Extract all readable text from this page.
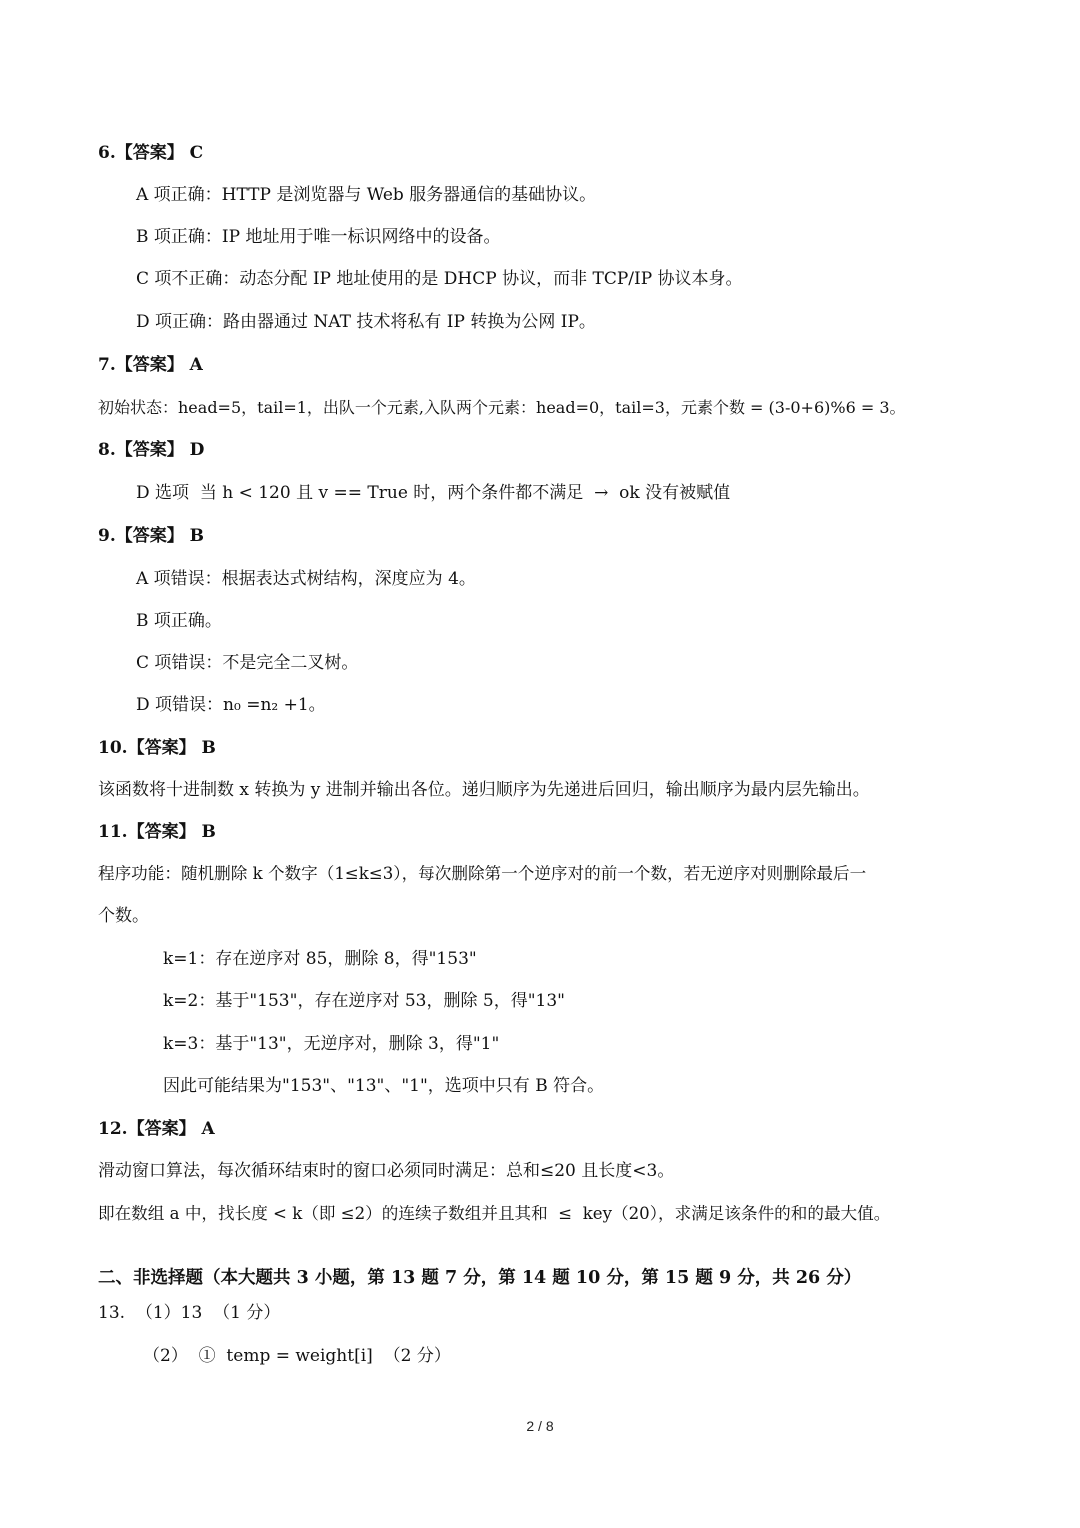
6.【答案】 C
A 项正确：HTTP 是浏览器与 Web 服务器通信的基础协议。
B 项正确：IP 地址用于唯一标识网络中的设备。
C 项不正确：动态分配 IP 地址使用的是 DHCP 协议，而非 TCP/IP 协议本身。
D 项正确：路由器通过 NAT 技术将私有 IP 转换为公网 IP。
7.【答案】 A
初始状态：head=5，tail=1，出队一个元素,入队两个元素：head=0，tail=3，元素个数 = (3-0+6)%6 = 3。
8.【答案】 D
D 选项  当 h < 120 且 v == True 时，两个条件都不满足  →  ok 没有被赋值
9.【答案】 B
A 项错误：根据表达式树结构，深度应为 4。
B 项正确。
C 项错误：不是完全二叉树。
D 项错误：n₀ =n₂ +1。
10.【答案】 B
该函数将十进制数 x 转换为 y 进制并输出各位。递归顺序为先递进后回归，输出顺序为最内层先输出。
11.【答案】 B
程序功能：随机删除 k 个数字（1≤k≤3），每次删除第一个逆序对的前一个数，若无逆序对则删除最后一
个数。
k=1：存在逆序对 85，删除 8，得"153"
k=2：基于"153"，存在逆序对 53，删除 5，得"13"
k=3：基于"13"，无逆序对，删除 3，得"1"
因此可能结果为"153"、"13"、"1"，选项中只有 B 符合。
12.【答案】 A
滑动窗口算法，每次循环结束时的窗口必须同时满足：总和≤20 且长度<3。
即在数组 a 中，找长度 < k（即 ≤2）的连续子数组并且其和  ≤  key（20），求满足该条件的和的最大值。
二、非选择题（本大题共 3 小题，第 13 题 7 分，第 14 题 10 分，第 15 题 9 分，共 26 分）
13.  （1）13  （1 分）
（2）  ①  temp = weight[i]  （2 分）
2 / 8
